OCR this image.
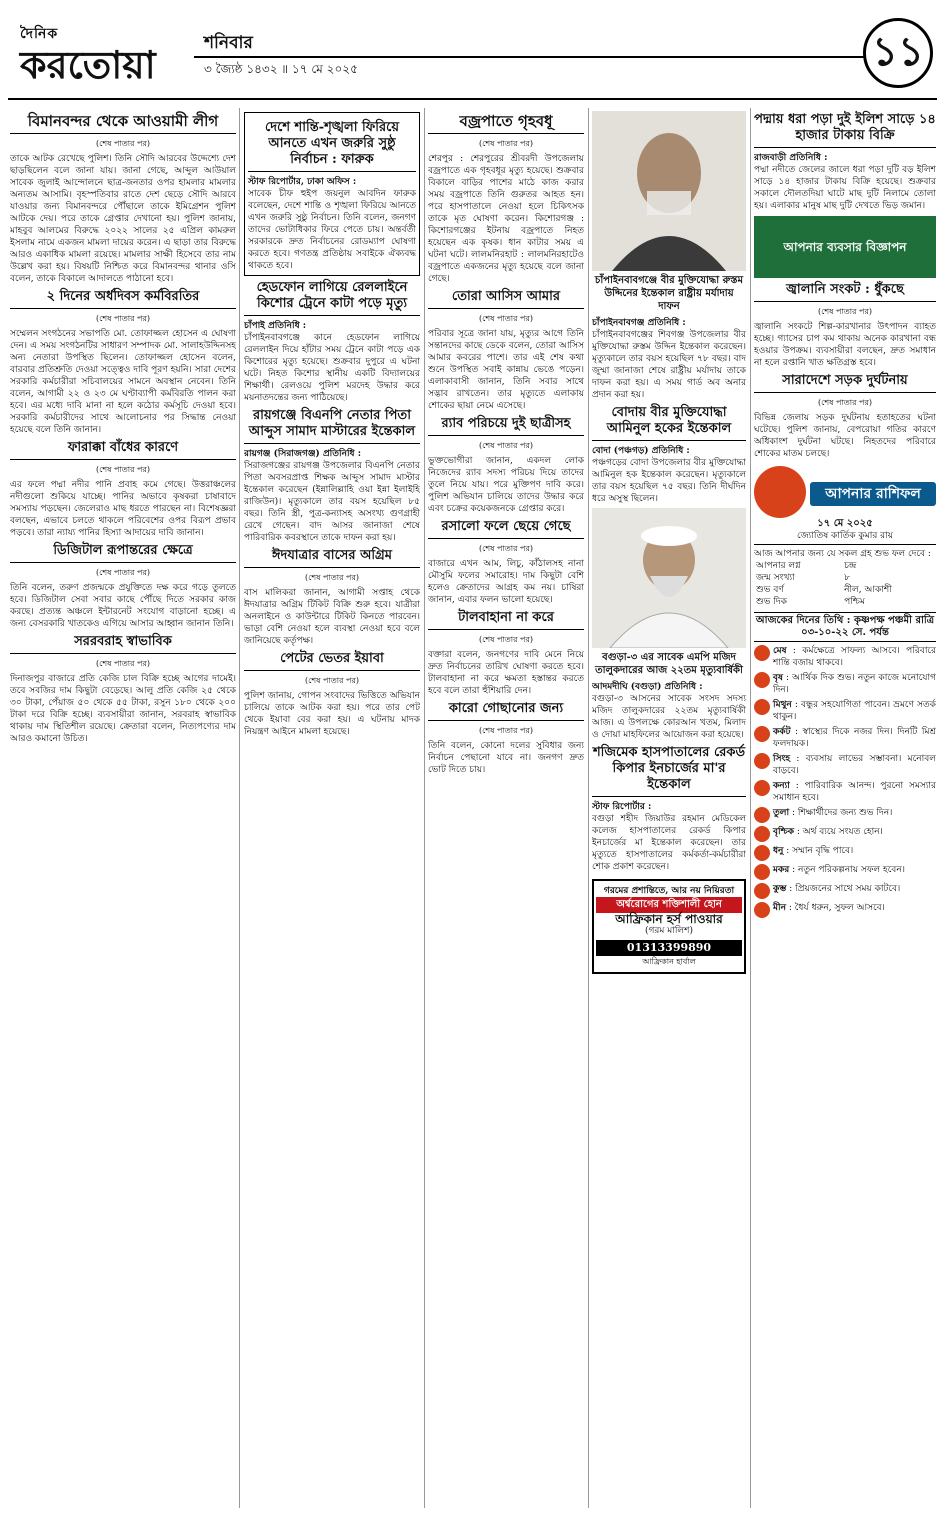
দৈনিক
করতোয়া	শনিবার
৩ জ্যৈষ্ঠ ১৪৩২ ॥ ১৭ মে ২০২৫	১১
বিমানবন্দর থেকে আওয়ামী লীগ
(শেষ পাতার পর)

তাকে আটক রেখেছে পুলিশ। তিনি সৌদি আরবের উদ্দেশ্যে দেশ ছাড়ছিলেন বলে জানা যায়। জানা গেছে, আব্দুল আউয়াল সাবেক জুলাই আন্দোলনে ছাত্র-জনতার ওপর হামলার মামলার অন্যতম আসামি। বৃহস্পতিবার রাতে দেশ ছেড়ে সৌদি আরবে যাওয়ার জন্য বিমানবন্দরে পৌঁছালে তাকে ইমিগ্রেশন পুলিশ আটকে দেয়। পরে তাকে গ্রেপ্তার দেখানো হয়। পুলিশ জানায়, মাহবুব আলমের বিরুদ্ধে ২০২২ সালের ২৫ এপ্রিল কামরুল ইসলাম নামে একজন মামলা দায়ের করেন। এ ছাড়া তার বিরুদ্ধে আরও একাধিক মামলা রয়েছে। মামলার সাক্ষী হিসেবে তার নাম উল্লেখ করা হয়। বিষয়টি নিশ্চিত করে বিমানবন্দর থানার ওসি বলেন, তাকে বিকালে আদালতে পাঠানো হবে।

২ দিনের অর্ধদিবস কর্মবিরতির
(শেষ পাতার পর)

সম্মেলন সংগঠনের সভাপতি মো. তোফাজ্জল হোসেন এ ঘোষণা দেন। এ সময় সংগঠনটির সাধারণ সম্পাদক মো. সালাহউদ্দিনসহ অন্য নেতারা উপস্থিত ছিলেন। তোফাজ্জল হোসেন বলেন, বারবার প্রতিশ্রুতি দেওয়া সত্ত্বেও দাবি পূরণ হয়নি। সারা দেশের সরকারি কর্মচারীরা সচিবালয়ের সামনে অবস্থান নেবেন। তিনি বলেন, আগামী ২২ ও ২৩ মে ঘণ্টাব্যাপী কর্মবিরতি পালন করা হবে। এর মধ্যে দাবি মানা না হলে কঠোর কর্মসূচি দেওয়া হবে। সরকারি কর্মচারীদের সাথে আলোচনার পর সিদ্ধান্ত নেওয়া হয়েছে বলে তিনি জানান।

ফারাক্কা বাঁধের কারণে
(শেষ পাতার পর)

এর ফলে পদ্মা নদীর পানি প্রবাহ কমে গেছে। উত্তরাঞ্চলের নদীগুলো শুকিয়ে যাচ্ছে। পানির অভাবে কৃষকরা চাষাবাদে সমস্যায় পড়ছেন। জেলেরাও মাছ ধরতে পারছেন না। বিশেষজ্ঞরা বলছেন, এভাবে চলতে থাকলে পরিবেশের ওপর বিরূপ প্রভাব পড়বে। তারা ন্যায্য পানির হিস্যা আদায়ের দাবি জানান।

ডিজিটাল রূপান্তরের ক্ষেত্রে
(শেষ পাতার পর)

তিনি বলেন, তরুণ প্রজন্মকে প্রযুক্তিতে দক্ষ করে গড়ে তুলতে হবে। ডিজিটাল সেবা সবার কাছে পৌঁছে দিতে সরকার কাজ করছে। প্রত্যন্ত অঞ্চলে ইন্টারনেট সংযোগ বাড়ানো হচ্ছে। এ জন্য বেসরকারি খাতকেও এগিয়ে আসার আহ্বান জানান তিনি।

সররবরাহ স্বাভাবিক
(শেষ পাতার পর)

দিনাজপুর বাজারে প্রতি কেজি চাল বিক্রি হচ্ছে আগের দামেই। তবে সবজির দাম কিছুটা বেড়েছে। আলু প্রতি কেজি ২৫ থেকে ৩০ টাকা, পেঁয়াজ ৫০ থেকে ৫৫ টাকা, রসুন ১৮০ থেকে ২০০ টাকা দরে বিক্রি হচ্ছে। ব্যবসায়ীরা জানান, সরবরাহ স্বাভাবিক থাকায় দাম স্থিতিশীল রয়েছে। ক্রেতারা বলেন, নিত্যপণ্যের দাম আরও কমানো উচিত।

দেশে শান্তি-শৃঙ্খলা ফিরিয়ে আনতে এখন জরুরি সুষ্ঠু নির্বাচন : ফারুক
স্টাফ রিপোর্টার, ঢাকা অফিস :

সাবেক চীফ হুইপ জয়নুল আবদিন ফারুক বলেছেন, দেশে শান্তি ও শৃঙ্খলা ফিরিয়ে আনতে এখন জরুরি সুষ্ঠু নির্বাচন। তিনি বলেন, জনগণ তাদের ভোটাধিকার ফিরে পেতে চায়। অন্তর্বর্তী সরকারকে দ্রুত নির্বাচনের রোডম্যাপ ঘোষণা করতে হবে। গণতন্ত্র প্রতিষ্ঠায় সবাইকে ঐক্যবদ্ধ থাকতে হবে।

হেডফোন লাগিয়ে রেললাইনে কিশোর ট্রেনে কাটা পড়ে মৃত্যু
চাঁপাই প্রতিনিধি :

চাঁপাইনবাবগঞ্জে কানে হেডফোন লাগিয়ে রেললাইন দিয়ে হাঁটার সময় ট্রেনে কাটা পড়ে এক কিশোরের মৃত্যু হয়েছে। শুক্রবার দুপুরে এ ঘটনা ঘটে। নিহত কিশোর স্থানীয় একটি বিদ্যালয়ের শিক্ষার্থী। রেলওয়ে পুলিশ মরদেহ উদ্ধার করে ময়নাতদন্তের জন্য পাঠিয়েছে।

রায়গঞ্জে বিএনপি নেতার পিতা আব্দুস সামাদ মাস্টারের ইন্তেকাল
রায়গঞ্জ (সিরাজগঞ্জ) প্রতিনিধি :

সিরাজগঞ্জের রায়গঞ্জ উপজেলার বিএনপি নেতার পিতা অবসরপ্রাপ্ত শিক্ষক আব্দুস সামাদ মাস্টার ইন্তেকাল করেছেন (ইন্নালিল্লাহি ওয়া ইন্না ইলাইহি রাজিউন)। মৃত্যুকালে তার বয়স হয়েছিল ৮৫ বছর। তিনি স্ত্রী, পুত্র-কন্যাসহ অসংখ্য গুণগ্রাহী রেখে গেছেন। বাদ আসর জানাজা শেষে পারিবারিক কবরস্থানে তাকে দাফন করা হয়।

ঈদযাত্রার বাসের অগ্রিম
(শেষ পাতার পর)

বাস মালিকরা জানান, আগামী সপ্তাহ থেকে ঈদযাত্রার অগ্রিম টিকিট বিক্রি শুরু হবে। যাত্রীরা অনলাইনে ও কাউন্টারে টিকিট কিনতে পারবেন। ভাড়া বেশি নেওয়া হলে ব্যবস্থা নেওয়া হবে বলে জানিয়েছে কর্তৃপক্ষ।

পেটের ভেতর ইয়াবা
(শেষ পাতার পর)

পুলিশ জানায়, গোপন সংবাদের ভিত্তিতে অভিযান চালিয়ে তাকে আটক করা হয়। পরে তার পেট থেকে ইয়াবা বের করা হয়। এ ঘটনায় মাদক নিয়ন্ত্রণ আইনে মামলা হয়েছে।

বজ্রপাতে গৃহবধূ
(শেষ পাতার পর)

শেরপুর : শেরপুরের শ্রীবরদী উপজেলায় বজ্রপাতে এক গৃহবধূর মৃত্যু হয়েছে। শুক্রবার বিকালে বাড়ির পাশের মাঠে কাজ করার সময় বজ্রপাতে তিনি গুরুতর আহত হন। পরে হাসপাতালে নেওয়া হলে চিকিৎসক তাকে মৃত ঘোষণা করেন। কিশোরগঞ্জ : কিশোরগঞ্জের ইটনায় বজ্রপাতে নিহত হয়েছেন এক কৃষক। ধান কাটার সময় এ ঘটনা ঘটে। লালমনিরহাট : লালমনিরহাটেও বজ্রপাতে একজনের মৃত্যু হয়েছে বলে জানা গেছে।

তোরা আসিস আমার
(শেষ পাতার পর)

পরিবার সূত্রে জানা যায়, মৃত্যুর আগে তিনি সন্তানদের কাছে ডেকে বলেন, তোরা আসিস আমার কবরের পাশে। তার এই শেষ কথা শুনে উপস্থিত সবাই কান্নায় ভেঙে পড়েন। এলাকাবাসী জানান, তিনি সবার সাথে সদ্ভাব রাখতেন। তার মৃত্যুতে এলাকায় শোকের ছায়া নেমে এসেছে।

র‌্যাব পরিচয়ে দুই ছাত্রীসহ
(শেষ পাতার পর)

ভুক্তভোগীরা জানান, একদল লোক নিজেদের র‌্যাব সদস্য পরিচয় দিয়ে তাদের তুলে নিয়ে যায়। পরে মুক্তিপণ দাবি করে। পুলিশ অভিযান চালিয়ে তাদের উদ্ধার করে এবং চক্রের কয়েকজনকে গ্রেপ্তার করে।

রসালো ফলে ছেয়ে গেছে
(শেষ পাতার পর)

বাজারে এখন আম, লিচু, কাঁঠালসহ নানা মৌসুমি ফলের সমারোহ। দাম কিছুটা বেশি হলেও ক্রেতাদের আগ্রহ কম নয়। চাষিরা জানান, এবার ফলন ভালো হয়েছে।

টালবাহানা না করে
(শেষ পাতার পর)

বক্তারা বলেন, জনগণের দাবি মেনে নিয়ে দ্রুত নির্বাচনের তারিখ ঘোষণা করতে হবে। টালবাহানা না করে ক্ষমতা হস্তান্তর করতে হবে বলে তারা হুঁশিয়ারি দেন।

কারো গোছানোর জন্য
(শেষ পাতার পর)

তিনি বলেন, কোনো দলের সুবিধার জন্য নির্বাচন পেছানো যাবে না। জনগণ দ্রুত ভোট দিতে চায়।

চাঁপাইনবাবগঞ্জে বীর মুক্তিযোদ্ধা রুস্তম উদ্দিনের ইন্তেকাল রাষ্ট্রীয় মর্যাদায় দাফন
চাঁপাইনবাবগঞ্জ প্রতিনিধি :

চাঁপাইনবাবগঞ্জের শিবগঞ্জ উপজেলার বীর মুক্তিযোদ্ধা রুস্তম উদ্দিন ইন্তেকাল করেছেন। মৃত্যুকালে তার বয়স হয়েছিল ৭৮ বছর। বাদ জুম্মা জানাজা শেষে রাষ্ট্রীয় মর্যাদায় তাকে দাফন করা হয়। এ সময় গার্ড অব অনার প্রদান করা হয়।

বোদায় বীর মুক্তিযোদ্ধা আমিনুল হকের ইন্তেকাল
বোদা (পঞ্চগড়) প্রতিনিধি :

পঞ্চগড়ের বোদা উপজেলার বীর মুক্তিযোদ্ধা আমিনুল হক ইন্তেকাল করেছেন। মৃত্যুকালে তার বয়স হয়েছিল ৭৫ বছর। তিনি দীর্ঘদিন ধরে অসুস্থ ছিলেন।

বগুড়া-৩ এর সাবেক এমপি মজিদ তালুকদারের আজ ২২তম মৃত্যুবার্ষিকী
আদমদীঘি (বগুড়া) প্রতিনিধি :

বগুড়া-৩ আসনের সাবেক সংসদ সদস্য মজিদ তালুকদারের ২২তম মৃত্যুবার্ষিকী আজ। এ উপলক্ষে কোরআন খতম, মিলাদ ও দোয়া মাহফিলের আয়োজন করা হয়েছে।

শজিমেক হাসপাতালের রেকর্ড কিপার ইনচার্জের মা'র ইন্তেকাল
স্টাফ রিপোর্টার :

বগুড়া শহীদ জিয়াউর রহমান মেডিকেল কলেজ হাসপাতালের রেকর্ড কিপার ইনচার্জের মা ইন্তেকাল করেছেন। তার মৃত্যুতে হাসপাতালের কর্মকর্তা-কর্মচারীরা শোক প্রকাশ করেছেন।

গরমের প্রশান্তিতে, আর নয় নিয়িরতা
অর্শ্বরোগের শক্তিশালী হোন
আফ্রিকান হর্স পাওয়ার
(গরম মালিশ)
01313399890
আফ্রিকান হার্বাল
পদ্মায় ধরা পড়া দুই ইলিশ সাড়ে ১৪ হাজার টাকায় বিক্রি
রাজবাড়ী প্রতিনিধি :

পদ্মা নদীতে জেলের জালে ধরা পড়া দুটি বড় ইলিশ সাড়ে ১৪ হাজার টাকায় বিক্রি হয়েছে। শুক্রবার সকালে দৌলতদিয়া ঘাটে মাছ দুটি নিলামে তোলা হয়। এলাকার মানুষ মাছ দুটি দেখতে ভিড় জমান।

আপনার ব্যবসার বিজ্ঞাপন
জ্বালানি সংকট : ধুঁকছে
(শেষ পাতার পর)

জ্বালানি সংকটে শিল্প-কারখানার উৎপাদন ব্যাহত হচ্ছে। গ্যাসের চাপ কম থাকায় অনেক কারখানা বন্ধ হওয়ার উপক্রম। ব্যবসায়ীরা বলছেন, দ্রুত সমাধান না হলে রপ্তানি খাত ক্ষতিগ্রস্ত হবে।

সারাদেশে সড়ক দুর্ঘটনায়
(শেষ পাতার পর)

বিভিন্ন জেলায় সড়ক দুর্ঘটনায় হতাহতের ঘটনা ঘটেছে। পুলিশ জানায়, বেপরোয়া গতির কারণে অধিকাংশ দুর্ঘটনা ঘটছে। নিহতদের পরিবারে শোকের মাতম চলছে।

আপনার রাশিফল
১৭ মে ২০২৫
জ্যোতিষ কার্তিক কুমার রায়

আজ আপনার জন্য যে সকল গ্রহ শুভ ফল দেবে :

আপনার লগ্ন	চন্দ্র
জন্ম সংখ্যা	৮
শুভ বর্ণ	নীল, আকাশী
শুভ দিক	পশ্চিম
আজকের দিনের তিথি : কৃষ্ণপক্ষ পঞ্চমী রাত্রি ০৩-১০-২২ সে. পর্যন্ত
মেষ : কর্মক্ষেত্রে সাফল্য আসবে। পরিবারে শান্তি বজায় থাকবে।
বৃষ : আর্থিক দিক শুভ। নতুন কাজে মনোযোগ দিন।
মিথুন : বন্ধুর সহযোগিতা পাবেন। ভ্রমণে সতর্ক থাকুন।
কর্কট : স্বাস্থ্যের দিকে নজর দিন। দিনটি মিশ্র ফলদায়ক।
সিংহ : ব্যবসায় লাভের সম্ভাবনা। মনোবল বাড়বে।
কন্যা : পারিবারিক আনন্দ। পুরনো সমস্যার সমাধান হবে।
তুলা : শিক্ষার্থীদের জন্য শুভ দিন।
বৃশ্চিক : অর্থ ব্যয়ে সংযত হোন।
ধনু : সম্মান বৃদ্ধি পাবে।
মকর : নতুন পরিকল্পনায় সফল হবেন।
কুম্ভ : প্রিয়জনের সাথে সময় কাটবে।
মীন : ধৈর্য ধরুন, সুফল আসবে।
